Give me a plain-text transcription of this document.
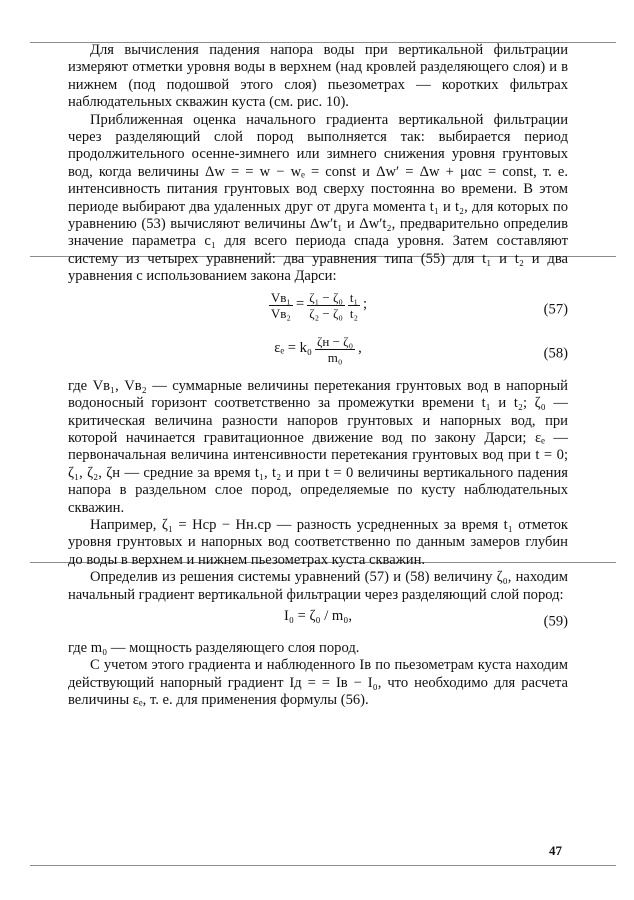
Для вычисления падения напора воды при вертикальной фильтрации измеряют отметки уровня воды в верхнем (над кровлей разделяющего слоя) и в нижнем (под подошвой этого слоя) пьезометрах — коротких фильтрах наблюдательных скважин куста (см. рис. 10).

Приближенная оценка начального градиента вертикальной фильтрации через разделяющий слой пород выполняется так: выбирается период продолжительного осенне-зимнего или зимнего снижения уровня грунтовых вод, когда величины Δw = = w − wₑ = const и Δw′ = Δw + μαc = const, т. е. интенсивность питания грунтовых вод сверху постоянна во времени. В этом периоде выбирают два удаленных друг от друга момента t₁ и t₂, для которых по уравнению (53) вычисляют величины Δw′t₁ и Δw′t₂, предварительно определив значение параметра c₁ для всего периода спада уровня. Затем составляют систему из четырех уравнений: два уравнения типа (55) для t₁ и t₂ и два уравнения с использованием закона Дарси:

$\frac{\text{Vв₁}}{\text{Vв₂}} = \frac{\text{ζ₁ − ζ₀}}{\text{ζ₂ − ζ₀}} \frac{\text{t₁}}{\text{t₂}}$ ;	(57)
$\varepsilon_e = k_0 \frac{\text{ζн − ζ₀}}{\text{m₀}}$ ,	(58)

где Vв₁, Vв₂ — суммарные величины перетекания грунтовых вод в напорный водоносный горизонт соответственно за промежутки времени t₁ и t₂; ζ₀ — критическая величина разности напоров грунтовых и напорных вод, при которой начинается гравитационное движение вод по закону Дарси; εₑ — первоначальная величина интенсивности перетекания грунтовых вод при t = 0; ζ₁, ζ₂, ζн — средние за время t₁, t₂ и при t = 0 величины вертикального падения напора в раздельном слое пород, определяемые по кусту наблюдательных скважин.

Например, ζ₁ = Hср − Hн.ср — разность усредненных за время t₁ отметок уровня грунтовых и напорных вод соответственно по данным замеров глубин до воды в верхнем и нижнем пьезометрах куста скважин.

Определив из решения системы уравнений (57) и (58) величину ζ₀, находим начальный градиент вертикальной фильтрации через разделяющий слой пород:

I₀ = ζ₀ / m₀,	(59)

где m₀ — мощность разделяющего слоя пород.

С учетом этого градиента и наблюденного Iв по пьезометрам куста находим действующий напорный градиент Iд = = Iв − I₀, что необходимо для расчета величины εₑ, т. е. для применения формулы (56).

47
